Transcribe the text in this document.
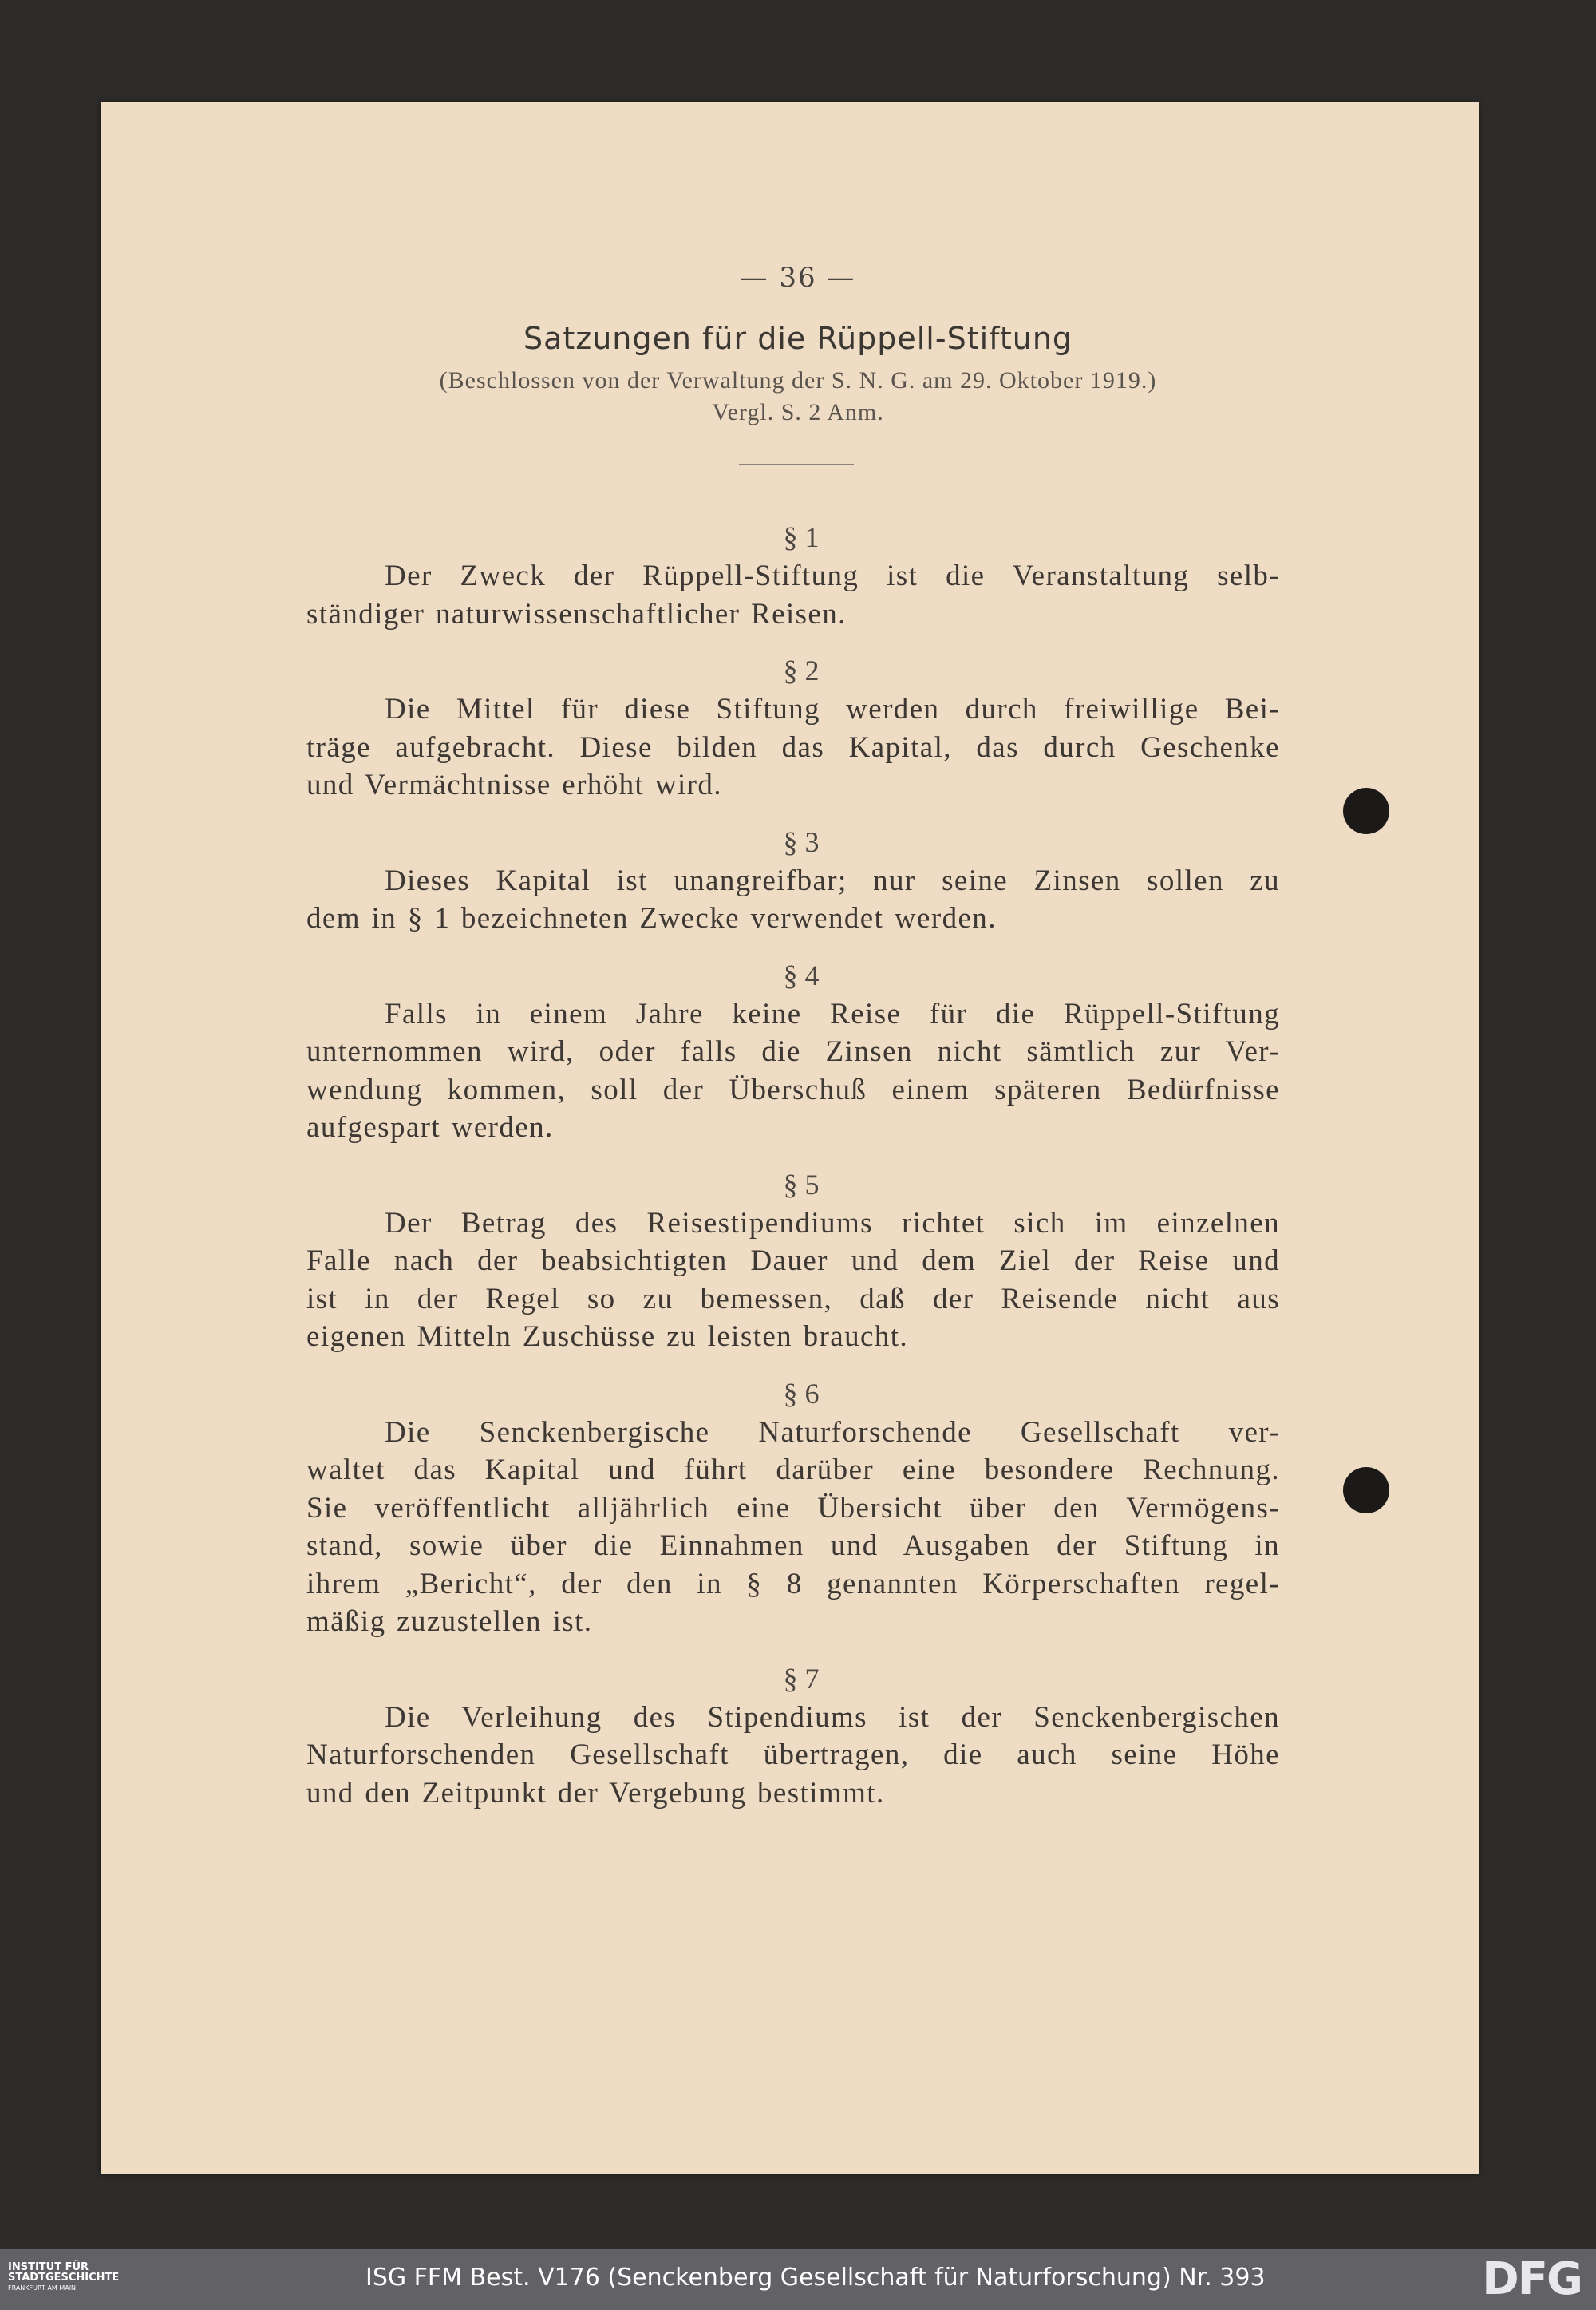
— 36 —
Satzungen für die Rüppell-Stiftung
(Beschlossen von der Verwaltung der S. N. G. am 29. Oktober 1919.)
Vergl. S. 2 Anm.
§ 1
Der Zweck der Rüppell-Stiftung ist die Veranstaltung selb-
ständiger naturwissenschaftlicher Reisen.
§ 2
Die Mittel für diese Stiftung werden durch freiwillige Bei-
träge aufgebracht. Diese bilden das Kapital, das durch Geschenke
und Vermächtnisse erhöht wird.
§ 3
Dieses Kapital ist unangreifbar; nur seine Zinsen sollen zu
dem in § 1 bezeichneten Zwecke verwendet werden.
§ 4
Falls in einem Jahre keine Reise für die Rüppell-Stiftung
unternommen wird, oder falls die Zinsen nicht sämtlich zur Ver-
wendung kommen, soll der Überschuß einem späteren Bedürfnisse
aufgespart werden.
§ 5
Der Betrag des Reisestipendiums richtet sich im einzelnen
Falle nach der beabsichtigten Dauer und dem Ziel der Reise und
ist in der Regel so zu bemessen, daß der Reisende nicht aus
eigenen Mitteln Zuschüsse zu leisten braucht.
§ 6
Die Senckenbergische Naturforschende Gesellschaft ver-
waltet das Kapital und führt darüber eine besondere Rechnung.
Sie veröffentlicht alljährlich eine Übersicht über den Vermögens-
stand, sowie über die Einnahmen und Ausgaben der Stiftung in
ihrem „Bericht“, der den in § 8 genannten Körperschaften regel-
mäßig zuzustellen ist.
§ 7
Die Verleihung des Stipendiums ist der Senckenbergischen
Naturforschenden Gesellschaft übertragen, die auch seine Höhe
und den Zeitpunkt der Vergebung bestimmt.
INSTITUT FÜR
STADTGESCHICHTE
FRANKFURT AM MAIN	ISG FFM Best. V176 (Senckenberg Gesellschaft für Naturforschung) Nr. 393	DFG
